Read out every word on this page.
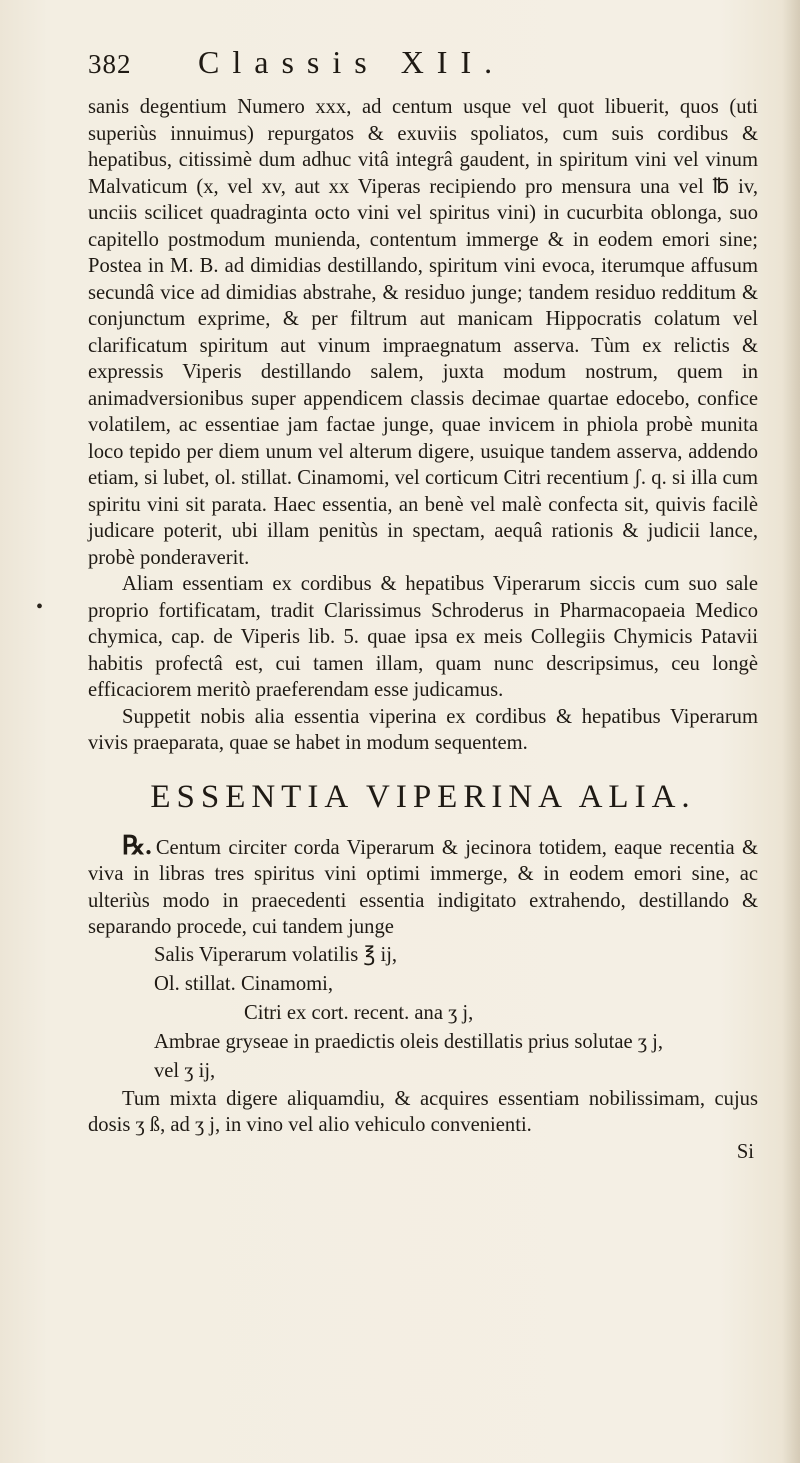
382	Classis XII.

sanis degentium Numero xxx, ad centum usque vel quot libuerit, quos (uti superiùs innuimus) repurgatos & exuviis spoliatos, cum suis cordibus & hepatibus, citissimè dum adhuc vitâ integrâ gaudent, in spiritum vini vel vinum Malvaticum (x, vel xv, aut xx Viperas recipiendo pro mensura una vel ℔ iv, unciis scilicet quadraginta octo vini vel spiritus vini) in cucurbita oblonga, suo capitello postmodum munienda, contentum immerge & in eodem emori sine; Postea in M. B. ad dimidias destillando, spiritum vini evoca, iterumque affusum secundâ vice ad dimidias abstrahe, & residuo junge; tandem residuo redditum & conjunctum exprime, & per filtrum aut manicam Hippocratis colatum vel clarificatum spiritum aut vinum impraegnatum asserva. Tùm ex relictis & expressis Viperis destillando salem, juxta modum nostrum, quem in animadversionibus super appendicem classis decimae quartae edocebo, confice volatilem, ac essentiae jam factae junge, quae invicem in phiola probè munita loco tepido per diem unum vel alterum digere, usuique tandem asserva, addendo etiam, si lubet, ol. stillat. Cinamomi, vel corticum Citri recentium ʃ. q. si illa cum spiritu vini sit parata. Haec essentia, an benè vel malè confecta sit, quivis facilè judicare poterit, ubi illam penitùs in spectam, aequâ rationis & judicii lance, probè ponderaverit.

Aliam essentiam ex cordibus & hepatibus Viperarum siccis cum suo sale proprio fortificatam, tradit Clarissimus Schroderus in Pharmacopaeia Medico chymica, cap. de Viperis lib. 5. quae ipsa ex meis Collegiis Chymicis Patavii habitis profectâ est, cui tamen illam, quam nunc descripsimus, ceu longè efficaciorem meritò praeferendam esse judicamus.

Suppetit nobis alia essentia viperina ex cordibus & hepatibus Viperarum vivis praeparata, quae se habet in modum sequentem.

ESSENTIA VIPERINA ALIA.

℞. Centum circiter corda Viperarum & jecinora totidem, eaque recentia & viva in libras tres spiritus vini optimi immerge, & in eodem emori sine, ac ulteriùs modo in praecedenti essentia indigitato extrahendo, destillando & separando procede, cui tandem junge

Salis Viperarum volatilis ℥ ij,
Ol. stillat. Cinamomi,
Citri ex cort. recent. ana ʒ j,
Ambrae gryseae in praedictis oleis destillatis prius solutae ʒ j,
vel ʒ ij,

Tum mixta digere aliquamdiu, & acquires essentiam nobilissimam, cujus dosis ʒ ß, ad ʒ j, in vino vel alio vehiculo convenienti.

Si
•
